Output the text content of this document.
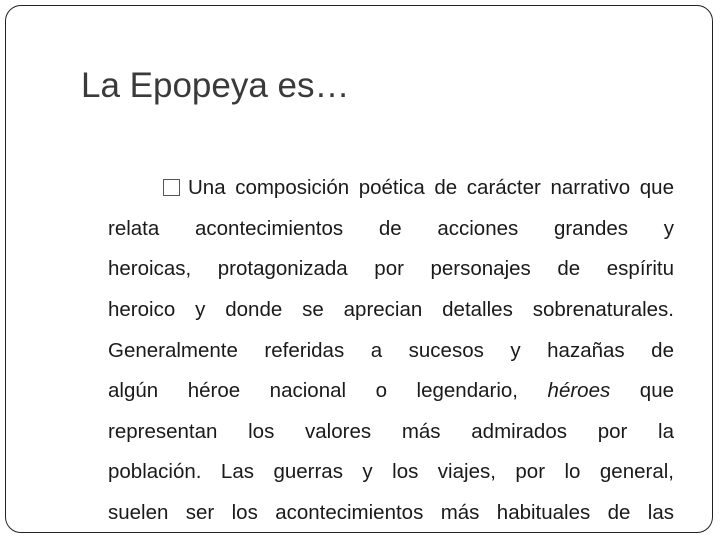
La Epopeya es…
Una composición poética de carácter narrativo que
relata acontecimientos de acciones grandes y
heroicas, protagonizada por personajes de espíritu
heroico y donde se aprecian detalles sobrenaturales.
Generalmente referidas a sucesos y hazañas de
algún héroe nacional o legendario, héroes que
representan los valores más admirados por la
población. Las guerras y los viajes, por lo general,
suelen ser los acontecimientos más habituales de las
